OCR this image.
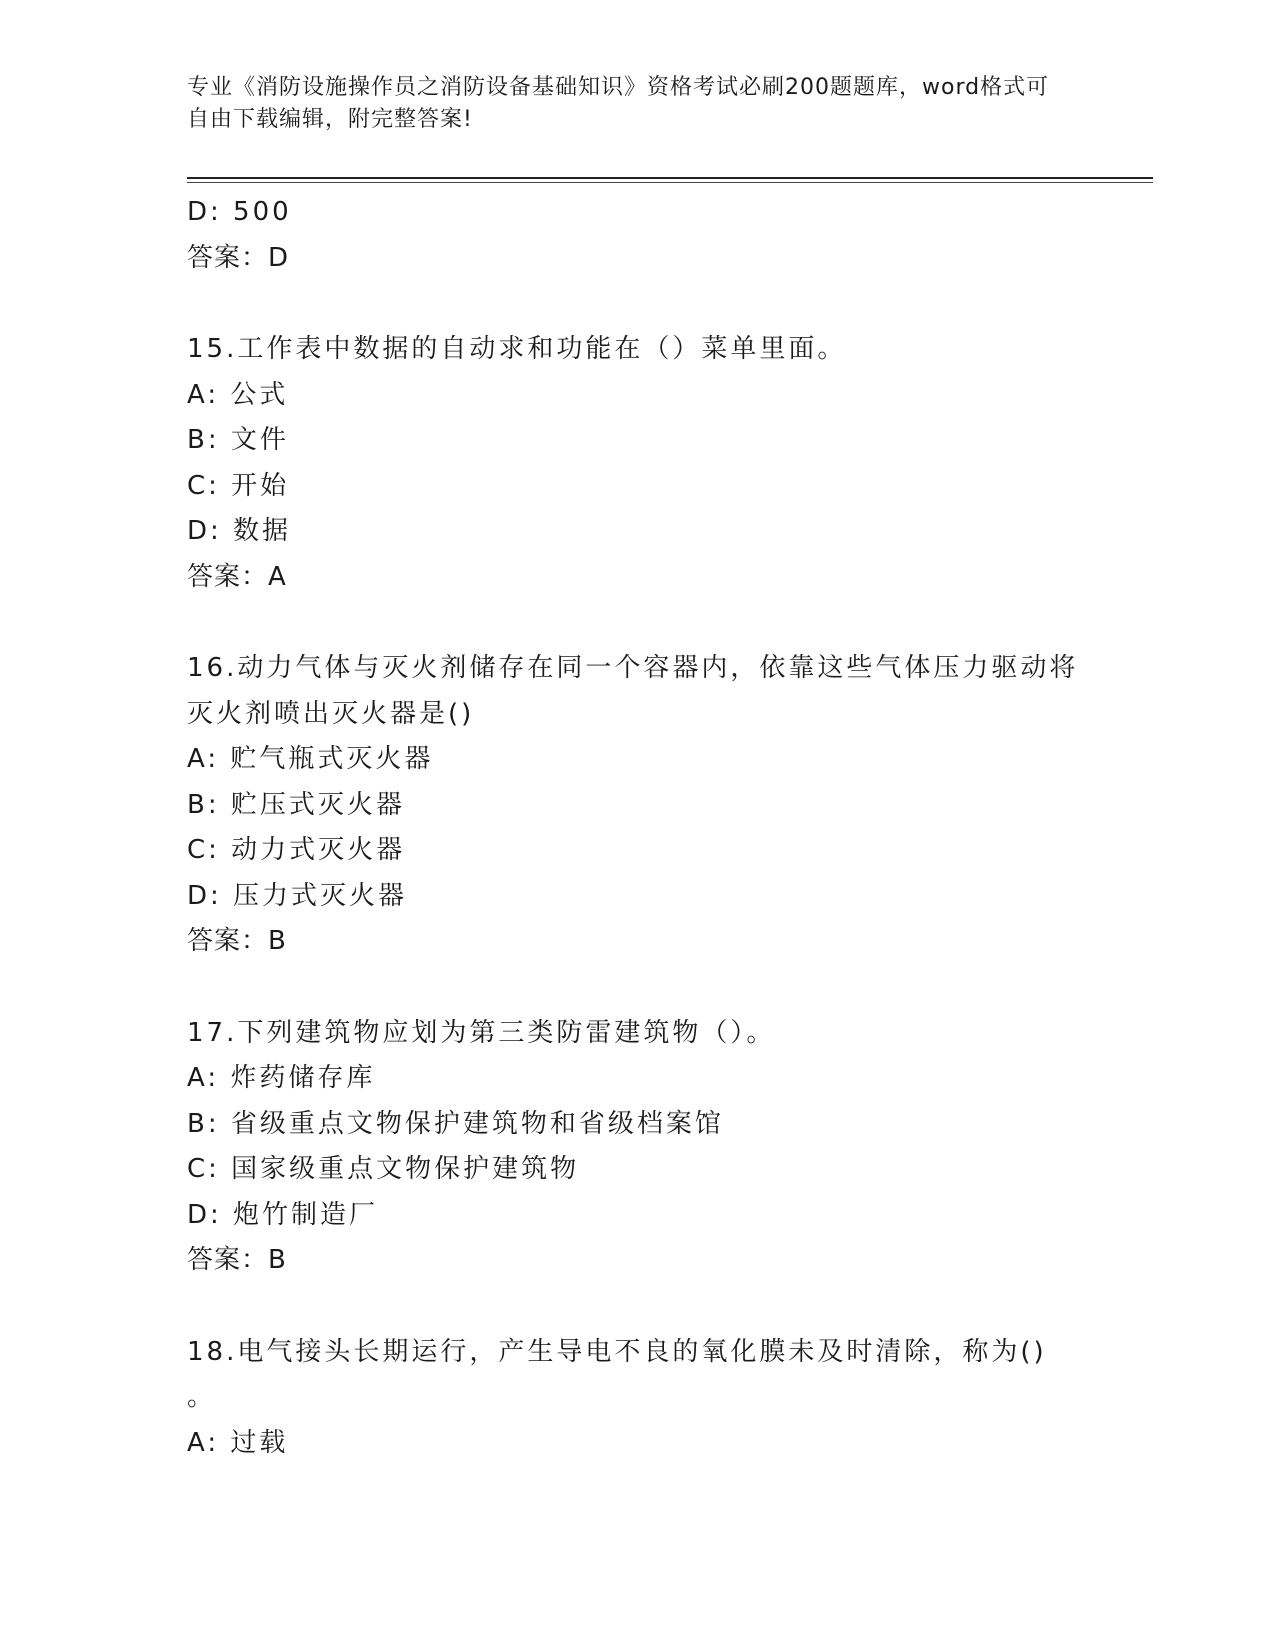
专业《消防设施操作员之消防设备基础知识》资格考试必刷200题题库，word格式可自由下载编辑，附完整答案!
D: 500
答案：D
15.工作表中数据的自动求和功能在（）菜单里面。
A: 公式
B: 文件
C: 开始
D: 数据
答案：A
16.动力气体与灭火剂储存在同一个容器内，依靠这些气体压力驱动将
灭火剂喷出灭火器是()
A: 贮气瓶式灭火器
B: 贮压式灭火器
C: 动力式灭火器
D: 压力式灭火器
答案：B
17.下列建筑物应划为第三类防雷建筑物（）。
A: 炸药储存库
B: 省级重点文物保护建筑物和省级档案馆
C: 国家级重点文物保护建筑物
D: 炮竹制造厂
答案：B
18.电气接头长期运行，产生导电不良的氧化膜未及时清除，称为()
。
A: 过载
